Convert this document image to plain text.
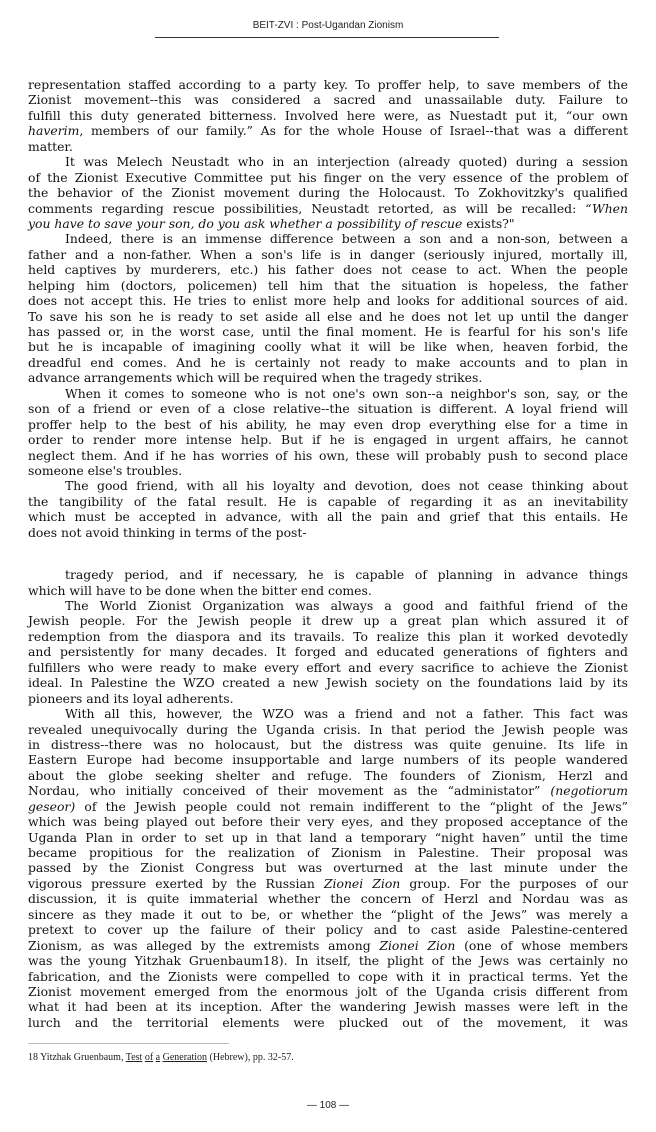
BEIT-ZVI : Post-Ugandan Zionism
representation staffed according to a party key. To proffer help, to save members of the
Zionist movement--this was considered a sacred and unassailable duty. Failure to
fulfill this duty generated bitterness. Involved here were, as Nuestadt put it, “our own
haverim, members of our family.” As for the whole House of Israel--that was a different
matter.
It was Melech Neustadt who in an interjection (already quoted) during a session
of the Zionist Executive Committee put his finger on the very essence of the problem of
the behavior of the Zionist movement during the Holocaust. To Zokhovitzky's qualified
comments regarding rescue possibilities, Neustadt retorted, as will be recalled: “When
you have to save your son, do you ask whether a possibility of rescue exists?"
Indeed, there is an immense difference between a son and a non-son, between a
father and a non-father. When a son's life is in danger (seriously injured, mortally ill,
held captives by murderers, etc.) his father does not cease to act. When the people
helping him (doctors, policemen) tell him that the situation is hopeless, the father
does not accept this. He tries to enlist more help and looks for additional sources of aid.
To save his son he is ready to set aside all else and he does not let up until the danger
has passed or, in the worst case, until the final moment. He is fearful for his son's life
but he is incapable of imagining coolly what it will be like when, heaven forbid, the
dreadful end comes. And he is certainly not ready to make accounts and to plan in
advance arrangements which will be required when the tragedy strikes.
When it comes to someone who is not one's own son--a neighbor's son, say, or the
son of a friend or even of a close relative--the situation is different. A loyal friend will
proffer help to the best of his ability, he may even drop everything else for a time in
order to render more intense help. But if he is engaged in urgent affairs, he cannot
neglect them. And if he has worries of his own, these will probably push to second place
someone else's troubles.
The good friend, with all his loyalty and devotion, does not cease thinking about
the tangibility of the fatal result. He is capable of regarding it as an inevitability
which must be accepted in advance, with all the pain and grief that this entails. He
does not avoid thinking in terms of the post-
tragedy period, and if necessary, he is capable of planning in advance things
which will have to be done when the bitter end comes.
The World Zionist Organization was always a good and faithful friend of the
Jewish people. For the Jewish people it drew up a great plan which assured it of
redemption from the diaspora and its travails. To realize this plan it worked devotedly
and persistently for many decades. It forged and educated generations of fighters and
fulfillers who were ready to make every effort and every sacrifice to achieve the Zionist
ideal. In Palestine the WZO created a new Jewish society on the foundations laid by its
pioneers and its loyal adherents.
With all this, however, the WZO was a friend and not a father. This fact was
revealed unequivocally during the Uganda crisis. In that period the Jewish people was
in distress--there was no holocaust, but the distress was quite genuine. Its life in
Eastern Europe had become insupportable and large numbers of its people wandered
about the globe seeking shelter and refuge. The founders of Zionism, Herzl and
Nordau, who initially conceived of their movement as the “administator” (negotiorum
geseor) of the Jewish people could not remain indifferent to the “plight of the Jews”
which was being played out before their very eyes, and they proposed acceptance of the
Uganda Plan in order to set up in that land a temporary “night haven” until the time
became propitious for the realization of Zionism in Palestine. Their proposal was
passed by the Zionist Congress but was overturned at the last minute under the
vigorous pressure exerted by the Russian Zionei Zion group. For the purposes of our
discussion, it is quite immaterial whether the concern of Herzl and Nordau was as
sincere as they made it out to be, or whether the “plight of the Jews” was merely a
pretext to cover up the failure of their policy and to cast aside Palestine-centered
Zionism, as was alleged by the extremists among Zionei Zion (one of whose members
was the young Yitzhak Gruenbaum18). In itself, the plight of the Jews was certainly no
fabrication, and the Zionists were compelled to cope with it in practical terms. Yet the
Zionist movement emerged from the enormous jolt of the Uganda crisis different from
what it had been at its inception. After the wandering Jewish masses were left in the
lurch and the territorial elements were plucked out of the movement, it was
18 Yitzhak Gruenbaum, Test of a Generation (Hebrew), pp. 32-57.
— 108 —
